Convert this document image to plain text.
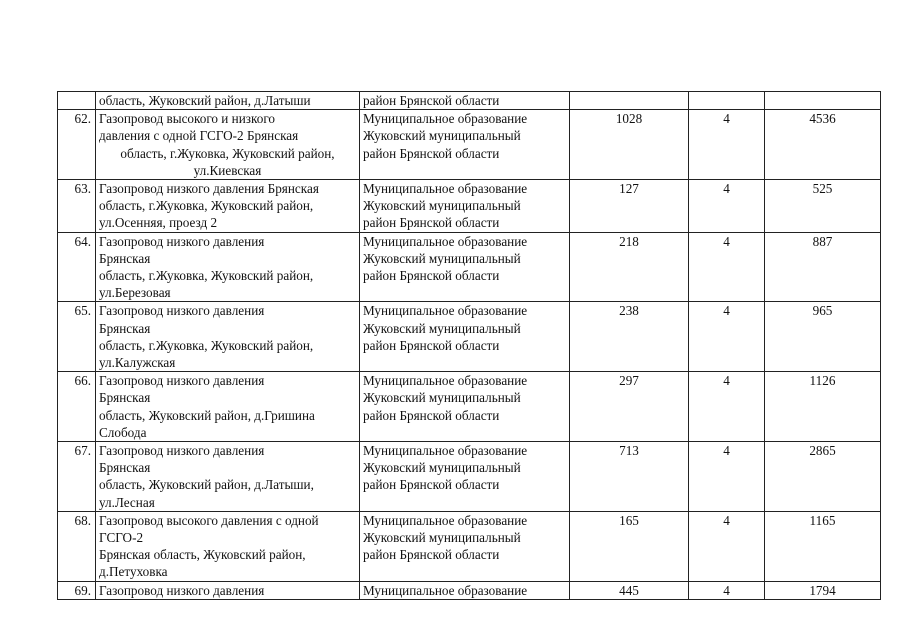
	область, Жуковский район, д.Латыши	район Брянской области			

62.	Газопровод высокого и низкого
давления с одной ГСГО-2 Брянская
область, г.Жуковка, Жуковский район,
ул.Киевская	Муниципальное образование
Жуковский муниципальный
район Брянской области	1028	4	4536
63.	Газопровод низкого давления Брянская
область, г.Жуковка, Жуковский район,
ул.Осенняя, проезд 2	Муниципальное образование
Жуковский муниципальный
район Брянской области	127	4	525
64.	Газопровод низкого давления
Брянская
область, г.Жуковка, Жуковский район,
ул.Березовая	Муниципальное образование
Жуковский муниципальный
район Брянской области	218	4	887
65.	Газопровод низкого давления
Брянская
область, г.Жуковка, Жуковский район,
ул.Калужская	Муниципальное образование
Жуковский муниципальный
район Брянской области	238	4	965
66.	Газопровод низкого давления
Брянская
область, Жуковский район, д.Гришина
Слобода	Муниципальное образование
Жуковский муниципальный
район Брянской области	297	4	1126
67.	Газопровод низкого давления
Брянская
область, Жуковский район, д.Латыши,
ул.Лесная	Муниципальное образование
Жуковский муниципальный
район Брянской области	713	4	2865
68.	Газопровод высокого давления с одной
ГСГО-2
Брянская область, Жуковский район,
д.Петуховка	Муниципальное образование
Жуковский муниципальный
район Брянской области	165	4	1165
69.	Газопровод низкого давления	Муниципальное образование	445	4	1794
